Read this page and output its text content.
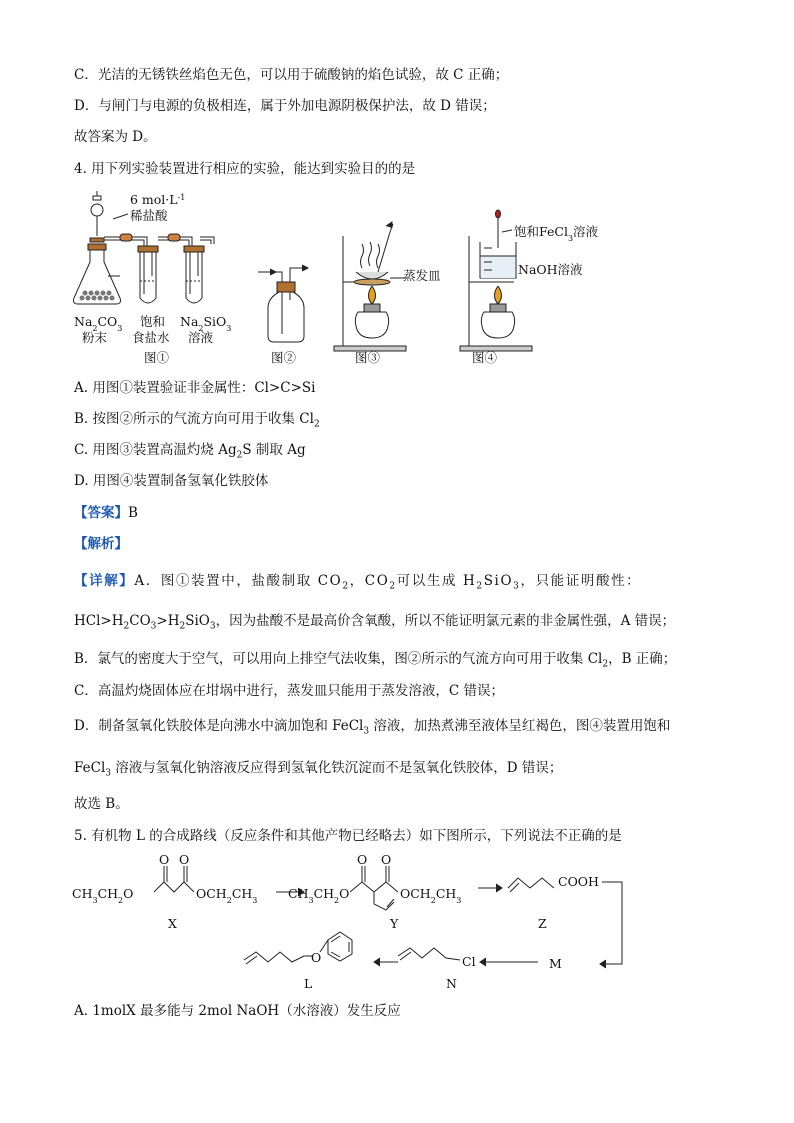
C．光洁的无锈铁丝焰色无色，可以用于硫酸钠的焰色试验，故 C 正确；
D．与闸门与电源的负极相连，属于外加电源阴极保护法，故 D 错误；
故答案为 D。
4. 用下列实验装置进行相应的实验，能达到实验目的的是
6 $mol\cdot L^{-1}$
稀盐酸
$Na_2CO_3$
粉末
饱和
食盐水
$Na_2SiO_3$
溶液
图①	图②
蒸发皿
图③
饱和FeCl$_3$溶液
NaOH溶液
图④
A. 用图①装置验证非金属性：Cl>C>Si
B. 按图②所示的气流方向可用于收集 $Cl_2$
C. 用图③装置高温灼烧 $Ag_2S$ 制取 Ag
D. 用图④装置制备氢氧化铁胶体
【答案】B
【解析】
【详解】A．图①装置中，盐酸制取 $CO_2$，$CO_2$可以生成 $H_2SiO_3$，只能证明酸性：
$HCl>H_2CO_3>H_2SiO_3$，因为盐酸不是最高价含氧酸，所以不能证明氯元素的非金属性强，A 错误；
B．氯气的密度大于空气，可以用向上排空气法收集，图②所示的气流方向可用于收集 $Cl_2$，B 正确；
C．高温灼烧固体应在坩埚中进行，蒸发皿只能用于蒸发溶液，C 错误；
D．制备氢氧化铁胶体是向沸水中滴加饱和 FeCl$_3$ 溶液，加热煮沸至液体呈红褐色，图④装置用饱和
FeCl$_3$ 溶液与氢氧化钠溶液反应得到氢氧化铁沉淀而不是氢氧化铁胶体，D 错误；
故选 B。
5. 有机物 L 的合成路线（反应条件和其他产物已经略去）如下图所示，下列说法不正确的是
$CH_3CH_2O$
O O
$OCH_2CH_3$
X
$CH_3CH_2O$
O O
$OCH_2CH_3$
Y
COOH
Z
M
Cl
N
O
L
A. 1molX 最多能与 2mol NaOH（水溶液）发生反应
